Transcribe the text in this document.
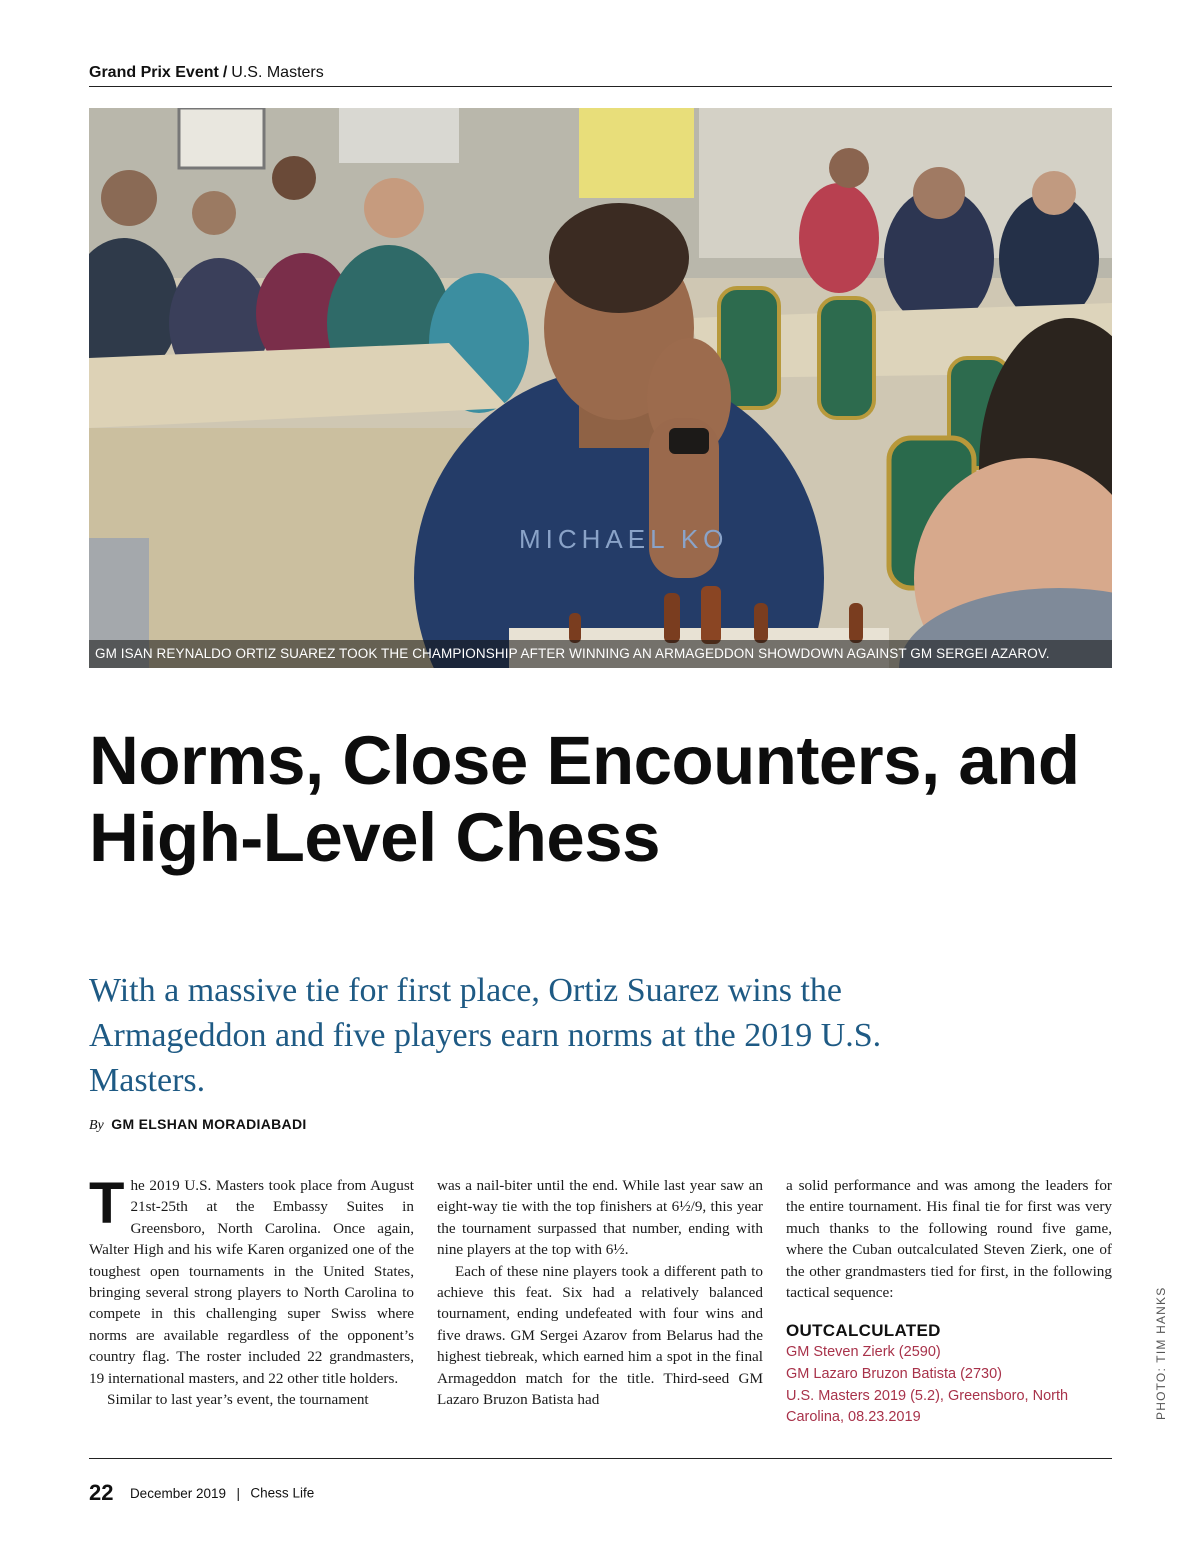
Grand Prix Event / U.S. Masters
MICHAEL KO
GM ISAN REYNALDO ORTIZ SUAREZ TOOK THE CHAMPIONSHIP AFTER WINNING AN ARMAGEDDON SHOWDOWN AGAINST GM SERGEI AZAROV.
Norms, Close Encounters, and High-Level Chess

With a massive tie for first place, Ortiz Suarez wins the Armageddon and five players earn norms at the 2019 U.S. Masters.

By GM ELSHAN MORADIABADI

The 2019 U.S. Masters took place from August 21st-25th at the Embassy Suites in Greensboro, North Carolina. Once again, Walter High and his wife Karen organized one of the toughest open tournaments in the United States, bringing several strong players to North Carolina to compete in this challenging super Swiss where norms are available regardless of the opponent’s country flag. The roster included 22 grandmasters, 19 international masters, and 22 other title holders.

Similar to last year’s event, the tournament

was a nail-biter until the end. While last year saw an eight-way tie with the top finishers at 6½/9, this year the tournament surpassed that number, ending with nine players at the top with 6½.

Each of these nine players took a different path to achieve this feat. Six had a relatively balanced tournament, ending undefeated with four wins and five draws. GM Sergei Azarov from Belarus had the highest tiebreak, which earned him a spot in the final Armageddon match for the title. Third-seed GM Lazaro Bruzon Batista had

a solid performance and was among the leaders for the entire tournament. His final tie for first was very much thanks to the following round five game, where the Cuban outcalculated Steven Zierk, one of the other grandmasters tied for first, in the following tactical sequence:

OUTCALCULATED
GM Steven Zierk (2590)
GM Lazaro Bruzon Batista (2730)
U.S. Masters 2019 (5.2), Greensboro, North Carolina, 08.23.2019	PHOTO: TIM HANKS
22 December 2019 | Chess Life
